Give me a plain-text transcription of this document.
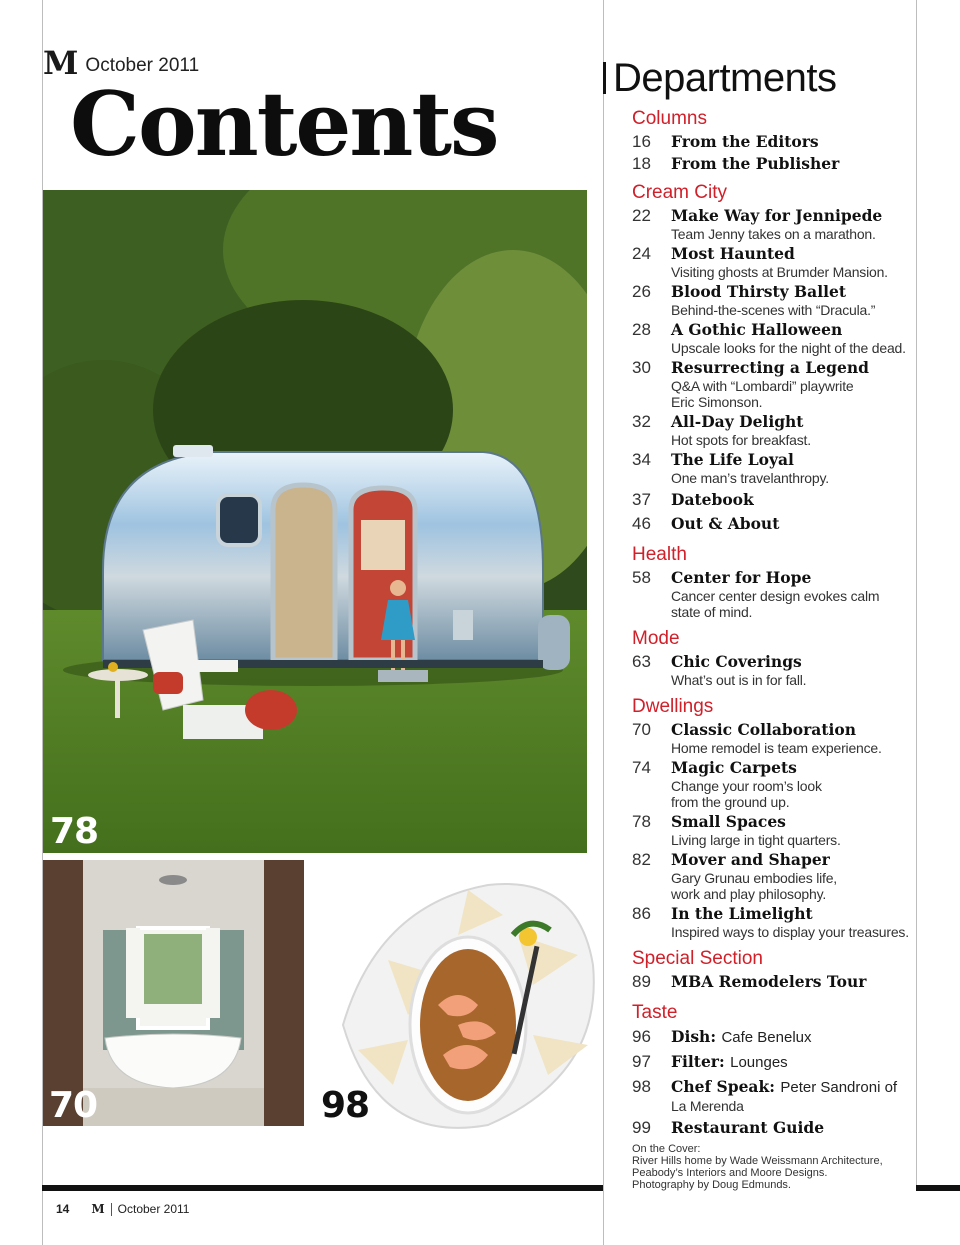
M October 2011
Contents
78
70	98
Departments
Columns
16	From the Editors
18	From the Publisher
Cream City
22	Make Way for Jennipede
Team Jenny takes on a marathon.
24	Most Haunted
Visiting ghosts at Brumder Mansion.
26	Blood Thirsty Ballet
Behind-the-scenes with “Dracula.”
28	A Gothic Halloween
Upscale looks for the night of the dead.
30	Resurrecting a Legend
Q&A with “Lombardi” playwrite
Eric Simonson.
32	All-Day Delight
Hot spots for breakfast.
34	The Life Loyal
One man’s travelanthropy.
37	Datebook
46	Out & About
Health
58	Center for Hope
Cancer center design evokes calm
state of mind.
Mode
63	Chic Coverings
What’s out is in for fall.
Dwellings
70	Classic Collaboration
Home remodel is team experience.
74	Magic Carpets
Change your room’s look
from the ground up.
78	Small Spaces
Living large in tight quarters.
82	Mover and Shaper
Gary Grunau embodies life,
work and play philosophy.
86	In the Limelight
Inspired ways to display your treasures.
Special Section
89	MBA Remodelers Tour
Taste
96	Dish: Cafe Benelux
97	Filter: Lounges
98	Chef Speak: Peter Sandroni of
La Merenda
99	Restaurant Guide
On the Cover:
River Hills home by Wade Weissmann Architecture,
Peabody’s Interiors and Moore Designs.
Photography by Doug Edmunds.
14 M October 2011
